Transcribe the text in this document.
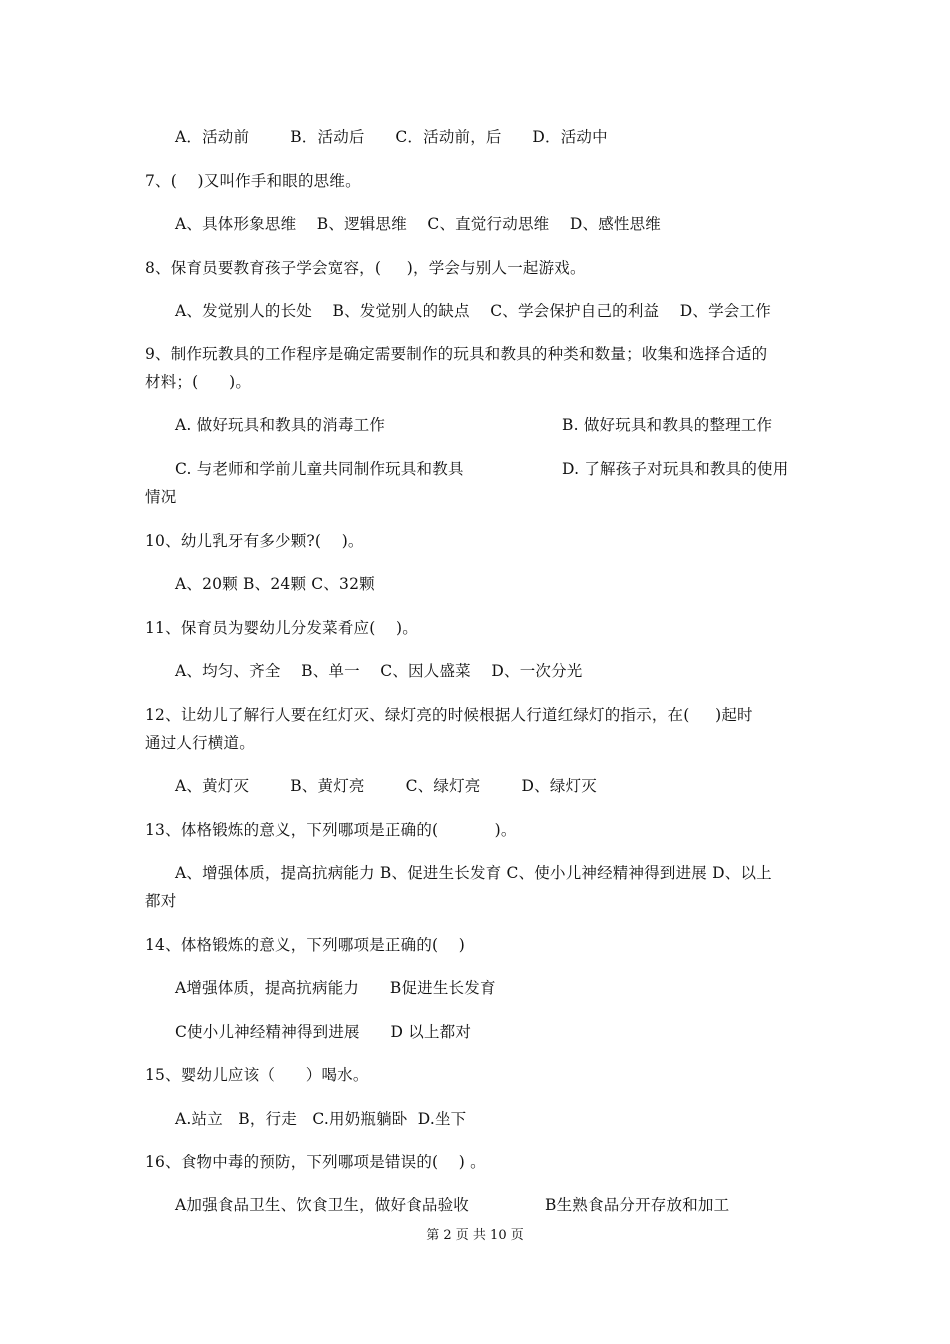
A．活动前        B．活动后      C．活动前，后      D．活动中
7、(    )又叫作手和眼的思维。
A、具体形象思维    B、逻辑思维    C、直觉行动思维    D、感性思维
8、保育员要教育孩子学会宽容，(     )，学会与别人一起游戏。
A、发觉别人的长处    B、发觉别人的缺点    C、学会保护自己的利益    D、学会工作
9、制作玩教具的工作程序是确定需要制作的玩具和教具的种类和数量；收集和选择合适的
材料；(      )。
A. 做好玩具和教具的消毒工作	B. 做好玩具和教具的整理工作
C. 与老师和学前儿童共同制作玩具和教具	D. 了解孩子对玩具和教具的使用
情况
10、幼儿乳牙有多少颗?(    )。
A、20颗 B、24颗 C、32颗
11、保育员为婴幼儿分发菜肴应(    )。
A、均匀、齐全    B、单一    C、因人盛菜    D、一次分光
12、让幼儿了解行人要在红灯灭、绿灯亮的时候根据人行道红绿灯的指示，在(     )起时
通过人行横道。
A、黄灯灭        B、黄灯亮        C、绿灯亮        D、绿灯灭
13、体格锻炼的意义，下列哪项是正确的(           )。
A、增强体质，提高抗病能力 B、促进生长发育 C、使小儿神经精神得到进展 D、以上
都对
14、体格锻炼的意义，下列哪项是正确的(    )
A增强体质，提高抗病能力      B促进生长发育
C使小儿神经精神得到进展      D 以上都对
15、婴幼儿应该（      ）喝水。
A.站立   B，行走   C.用奶瓶躺卧  D.坐下
16、食物中毒的预防，下列哪项是错误的(    ) 。
A加强食品卫生、饮食卫生，做好食品验收	B生熟食品分开存放和加工
第 2 页 共 10 页
